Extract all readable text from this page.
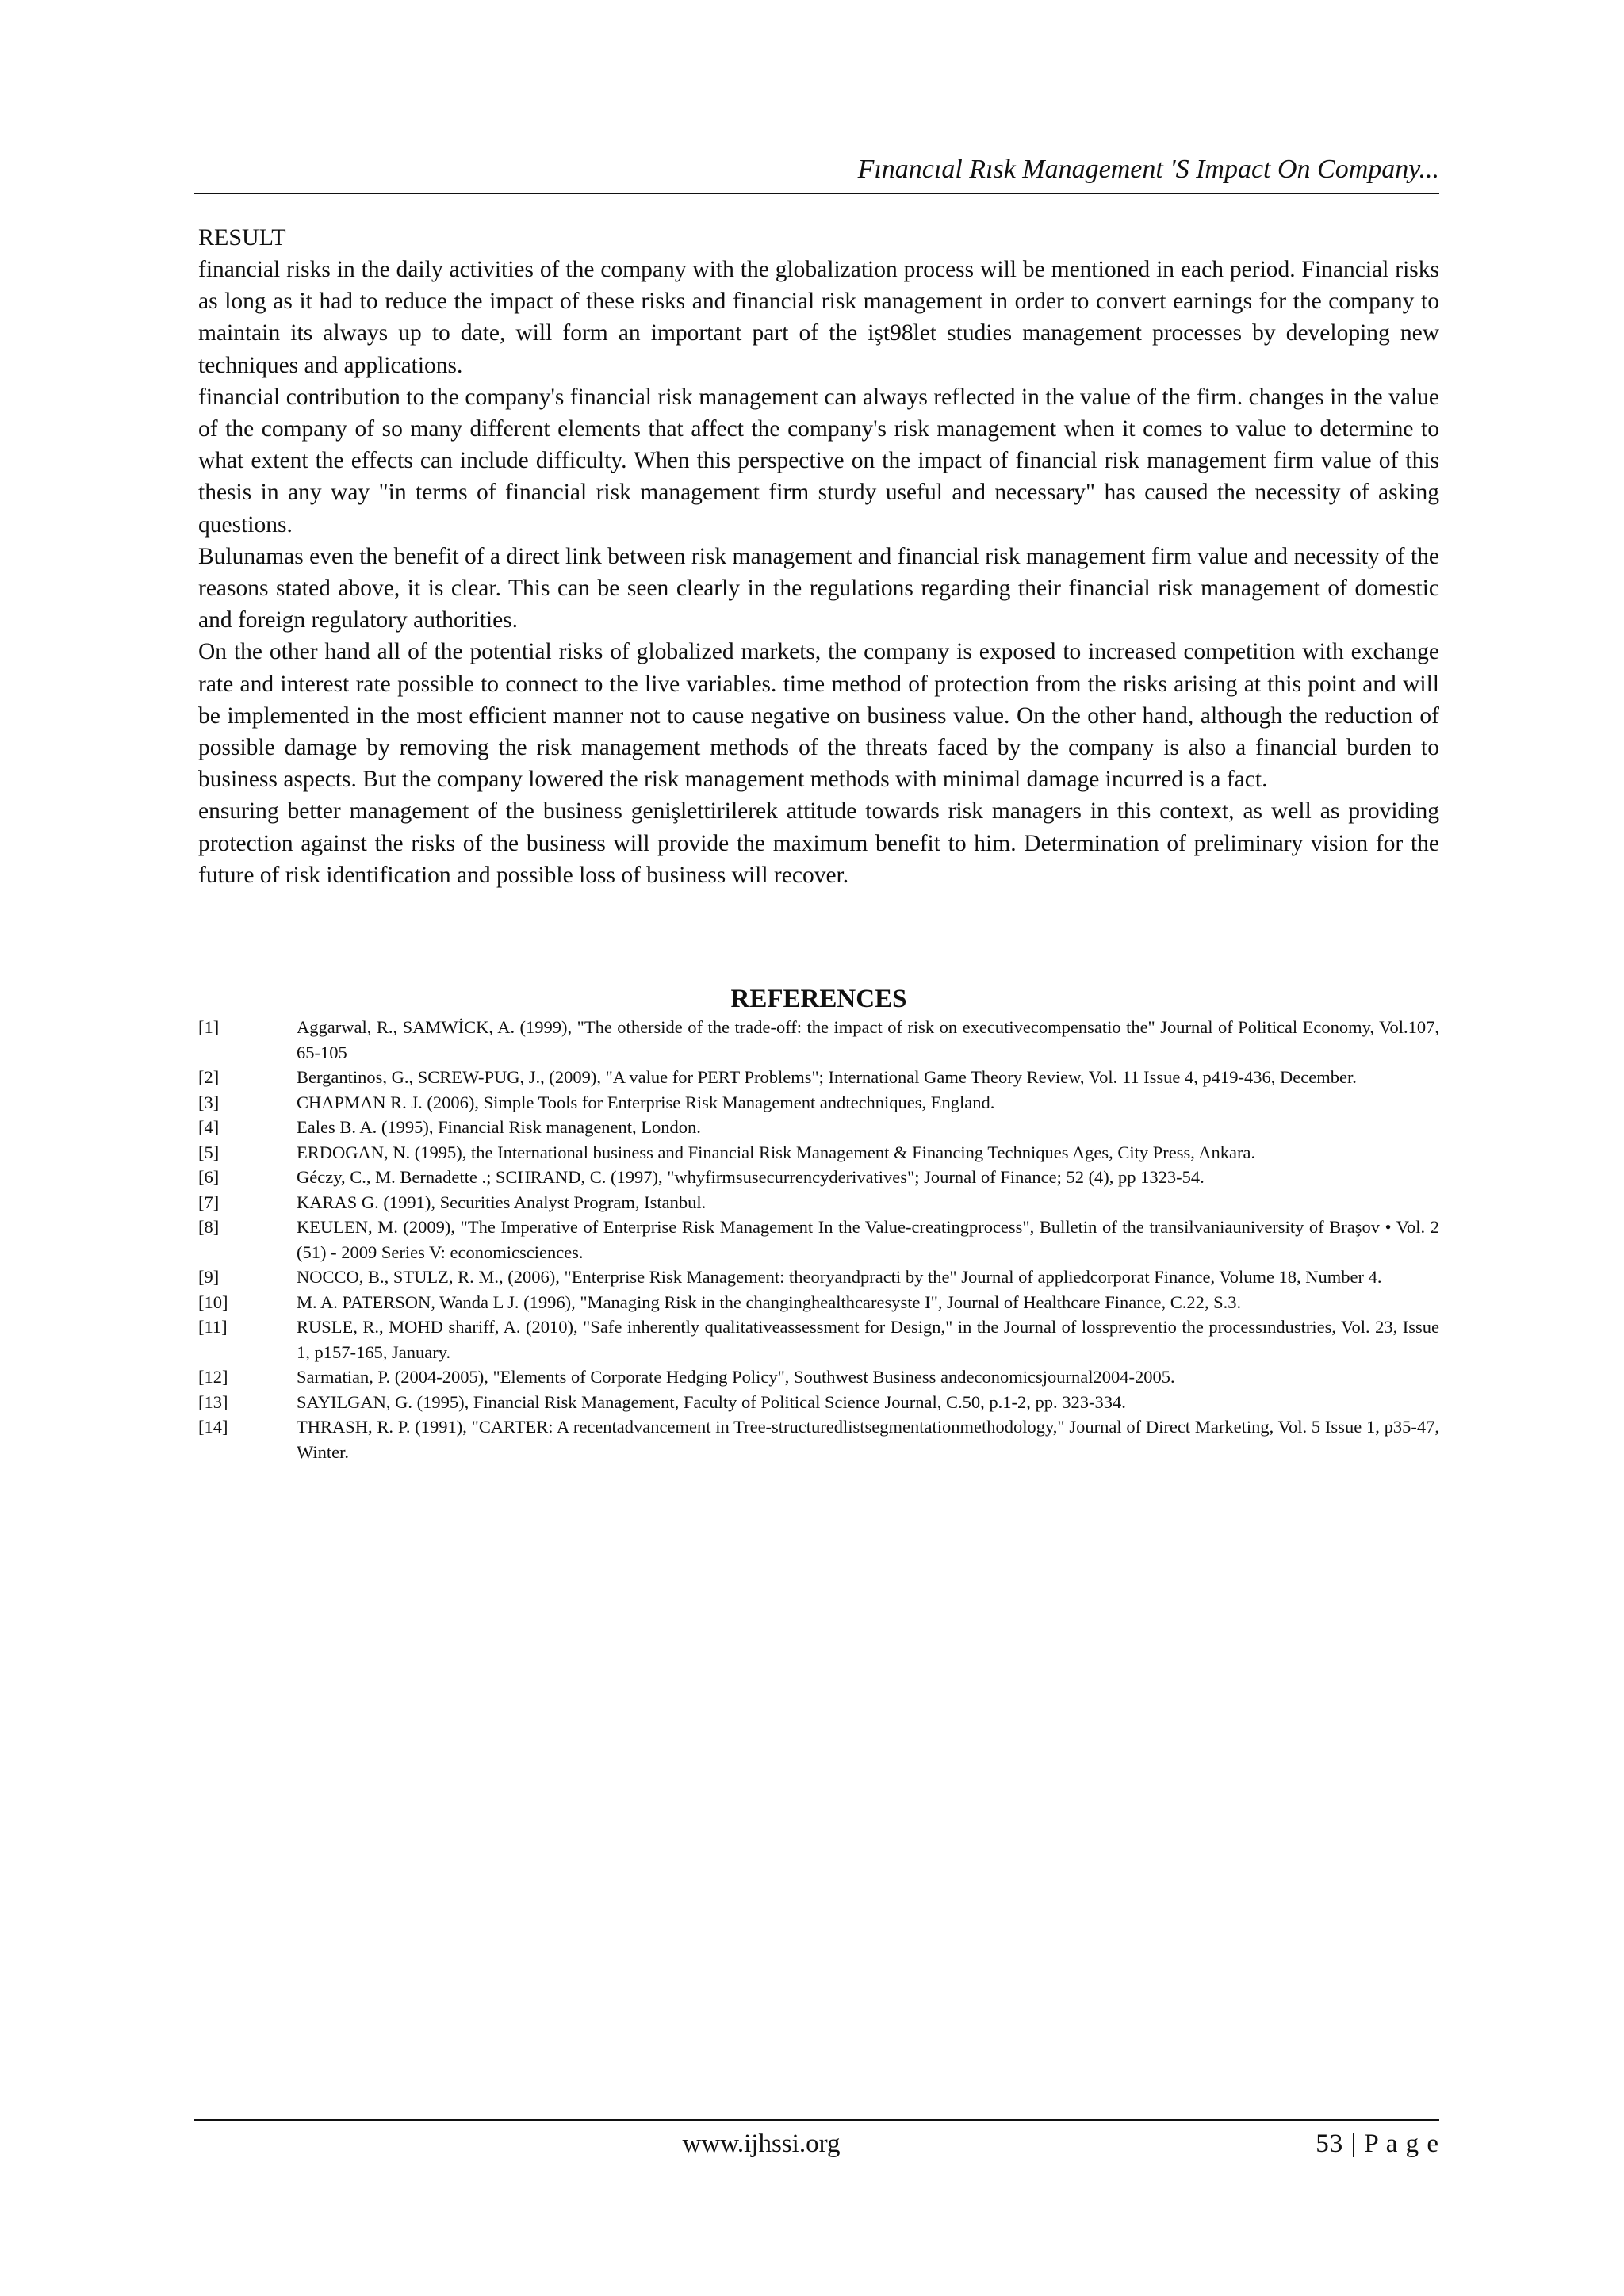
Fınancıal Rısk Management 'S Impact On Company...
RESULT

financial risks in the daily activities of the company with the globalization process will be mentioned in each period. Financial risks as long as it had to reduce the impact of these risks and financial risk management in order to convert earnings for the company to maintain its always up to date, will form an important part of the işt98let studies management processes by developing new techniques and applications.

financial contribution to the company's financial risk management can always reflected in the value of the firm. changes in the value of the company of so many different elements that affect the company's risk management when it comes to value to determine to what extent the effects can include difficulty. When this perspective on the impact of financial risk management firm value of this thesis in any way "in terms of financial risk management firm sturdy useful and necessary" has caused the necessity of asking questions.

Bulunamas even the benefit of a direct link between risk management and financial risk management firm value and necessity of the reasons stated above, it is clear. This can be seen clearly in the regulations regarding their financial risk management of domestic and foreign regulatory authorities.

On the other hand all of the potential risks of globalized markets, the company is exposed to increased competition with exchange rate and interest rate possible to connect to the live variables. time method of protection from the risks arising at this point and will be implemented in the most efficient manner not to cause negative on business value. On the other hand, although the reduction of possible damage by removing the risk management methods of the threats faced by the company is also a financial burden to business aspects. But the company lowered the risk management methods with minimal damage incurred is a fact.

ensuring better management of the business genişlettirilerek attitude towards risk managers in this context, as well as providing protection against the risks of the business will provide the maximum benefit to him. Determination of preliminary vision for the future of risk identification and possible loss of business will recover.

REFERENCES
[1]	Aggarwal, R., SAMWİCK, A. (1999), "The otherside of the trade-off: the impact of risk on executivecompensatio the" Journal of Political Economy, Vol.107, 65-105
[2]	Bergantinos, G., SCREW-PUG, J., (2009), "A value for PERT Problems"; International Game Theory Review, Vol. 11 Issue 4, p419-436, December.
[3]	CHAPMAN R. J. (2006), Simple Tools for Enterprise Risk Management andtechniques, England.
[4]	Eales B. A. (1995), Financial Risk managenent, London.
[5]	ERDOGAN, N. (1995), the International business and Financial Risk Management & Financing Techniques Ages, City Press, Ankara.
[6]	Géczy, C., M. Bernadette .; SCHRAND, C. (1997), "whyfirmsusecurrencyderivatives"; Journal of Finance; 52 (4), pp 1323-54.
[7]	KARAS G. (1991), Securities Analyst Program, Istanbul.
[8]	KEULEN, M. (2009), "The Imperative of Enterprise Risk Management In the Value-creatingprocess", Bulletin of the transilvaniauniversity of Braşov • Vol. 2 (51) - 2009 Series V: economicsciences.
[9]	NOCCO, B., STULZ, R. M., (2006), "Enterprise Risk Management: theoryandpracti by the" Journal of appliedcorporat Finance, Volume 18, Number 4.
[10]	M. A. PATERSON, Wanda L J. (1996), "Managing Risk in the changinghealthcaresyste I", Journal of Healthcare Finance, C.22, S.3.
[11]	RUSLE, R., MOHD shariff, A. (2010), "Safe inherently qualitativeassessment for Design," in the Journal of losspreventio the processındustries, Vol. 23, Issue 1, p157-165, January.
[12]	Sarmatian, P. (2004-2005), "Elements of Corporate Hedging Policy", Southwest Business andeconomicsjournal2004-2005.
[13]	SAYILGAN, G. (1995), Financial Risk Management, Faculty of Political Science Journal, C.50, p.1-2, pp. 323-334.
[14]	THRASH, R. P. (1991), "CARTER: A recentadvancement in Tree-structuredlistsegmentationmethodology," Journal of Direct Marketing, Vol. 5 Issue 1, p35-47, Winter.
www.ijhssi.org	53 | P a g e
